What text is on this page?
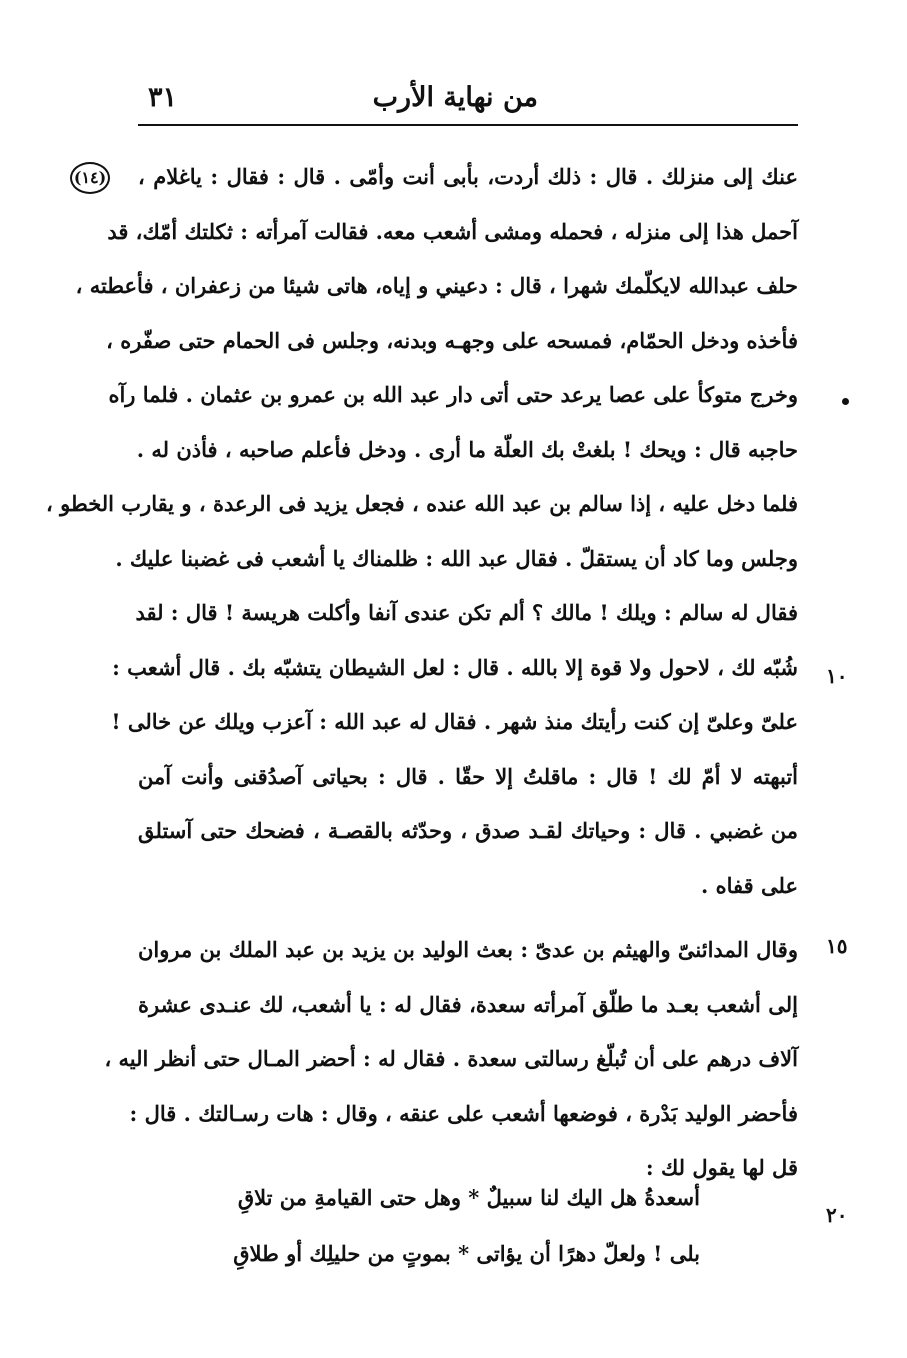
من نهاية الأرب
٣١
(١٤)
١٠
١٥
٢٠
عنك إلى منزلك . قال : ذلك أردت، بأبى أنت وأمّى . قال : فقال : ياغلام ،
آحمل هذا إلى منزله ، فحمله ومشى أشعب معه. فقالت آمرأته : ثكلتك أمّك، قد
حلف عبدالله لايكلّمك شهرا ، قال : دعيني و إياه، هاتى شيئا من زعفران ، فأعطته ،
فأخذه ودخل الحمّام، فمسحه على وجهـه وبدنه، وجلس فى الحمام حتى صفّره ،
وخرج متوكأ على عصا يرعد حتى أتى دار عبد الله بن عمرو بن عثمان . فلما رآه
حاجبه قال : ويحك ! بلغتْ بك العلّة ما أرى . ودخل فأعلم صاحبه ، فأذن له .
فلما دخل عليه ، إذا سالم بن عبد الله عنده ، فجعل يزيد فى الرعدة ، و يقارب الخطو ،
وجلس وما كاد أن يستقلّ . فقال عبد الله : ظلمناك يا أشعب فى غضبنا عليك .
فقال له سالم : ويلك ! مالك ؟ ألم تكن عندى آنفا وأكلت هريسة ! قال : لقد
شُبّه لك ، لاحول ولا قوة إلا بالله . قال : لعل الشيطان يتشبّه بك . قال أشعب :
علىّ وعلىّ إن كنت رأيتك منذ شهر . فقال له عبد الله : آعزب ويلك عن خالى !
أتبهته لا أمّ لك ! قال : ماقلتُ إلا حقّا . قال : بحياتى آصدُقنى وأنت آمن
من غضبي . قال : وحياتك لقـد صدق ، وحدّثه بالقصـة ، فضحك حتى آستلق
على قفاه .
وقال المدائنىّ والهيثم بن عدىّ : بعث الوليد بن يزيد بن عبد الملك بن مروان
إلى أشعب بعـد ما طلّق آمرأته سعدة، فقال له : يا أشعب، لك عنـدى عشرة
آلاف درهم على أن تُبلّغ رسالتى سعدة . فقال له : أحضر المـال حتى أنظر اليه ،
فأحضر الوليد بَدْرة ، فوضعها أشعب على عنقه ، وقال : هات رسـالتك . قال :
قل لها يقول لك :
أسعدةُ هل اليك لنا سبيلٌ * وهل حتى القيامةِ من تلاقِ
بلى ! ولعلّ دهرًا أن يؤاتى * بموتٍ من حليلِك أو طلاقِ
